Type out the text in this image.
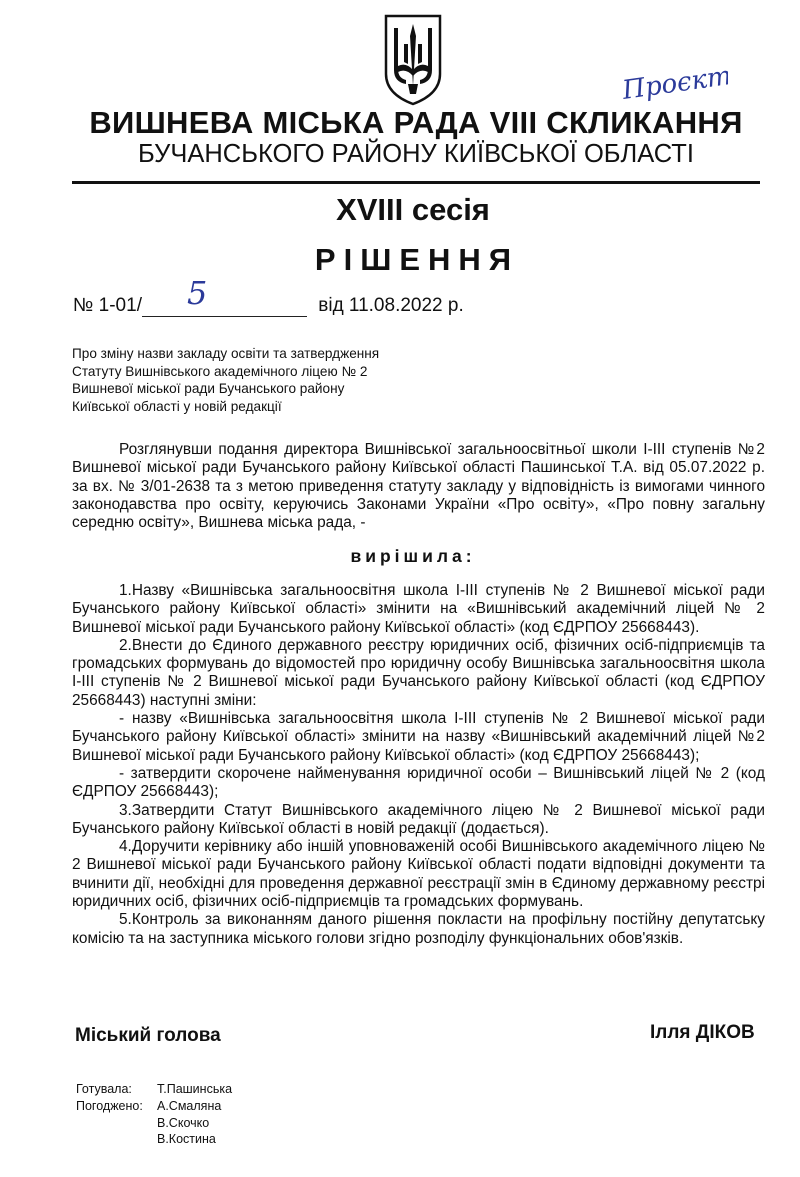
Проєкт
ВИШНЕВА МІСЬКА РАДА VIII СКЛИКАННЯ
БУЧАНСЬКОГО РАЙОНУ КИЇВСЬКОЇ ОБЛАСТІ
XVIII сесія
РІШЕННЯ
№ 1-01/ 5	від 11.08.2022 р.
Про зміну назви закладу освіти та затвердження
Статуту Вишнівського академічного ліцею № 2
Вишневої міської ради Бучанського району
Київської області у новій редакції
Розглянувши подання директора Вишнівської загальноосвітньої школи І-ІІІ ступенів №2 Вишневої міської ради Бучанського району Київської області Пашинської Т.А. від 05.07.2022 р. за вх. № 3/01-2638 та з метою приведення статуту закладу у відповідність із вимогами чинного законодавства про освіту, керуючись Законами України «Про освіту», «Про повну загальну середню освіту», Вишнева міська рада, -
вирішила:
1.Назву «Вишнівська загальноосвітня школа І-ІІІ ступенів № 2 Вишневої міської ради Бучанського району Київської області» змінити на «Вишнівський академічний ліцей № 2 Вишневої міської ради Бучанського району Київської області» (код ЄДРПОУ 25668443).
2.Внести до Єдиного державного реєстру юридичних осіб, фізичних осіб-підприємців та громадських формувань до відомостей про юридичну особу Вишнівська загальноосвітня школа І-ІІІ ступенів № 2 Вишневої міської ради Бучанського району Київської області (код ЄДРПОУ 25668443) наступні зміни:
- назву «Вишнівська загальноосвітня школа І-ІІІ ступенів № 2 Вишневої міської ради Бучанського району Київської області» змінити на назву «Вишнівський академічний ліцей №2 Вишневої міської ради Бучанського району Київської області» (код ЄДРПОУ 25668443);
- затвердити скорочене найменування юридичної особи – Вишнівський ліцей № 2 (код ЄДРПОУ 25668443);
3.Затвердити Статут Вишнівського академічного ліцею № 2 Вишневої міської ради Бучанського району Київської області в новій редакції (додається).
4.Доручити керівнику або іншій уповноваженій особі Вишнівського академічного ліцею № 2 Вишневої міської ради Бучанського району Київської області подати відповідні документи та вчинити дії, необхідні для проведення державної реєстрації змін в Єдиному державному реєстрі юридичних осіб, фізичних осіб-підприємців та громадських формувань.
5.Контроль за виконанням даного рішення покласти на профільну постійну депутатську комісію та на заступника міського голови згідно розподілу функціональних обов'язків.
Міський голова	Ілля ДІКОВ
Готувала:	Т.Пашинська
Погоджено:	А.Смаляна
В.Скочко
В.Костина
